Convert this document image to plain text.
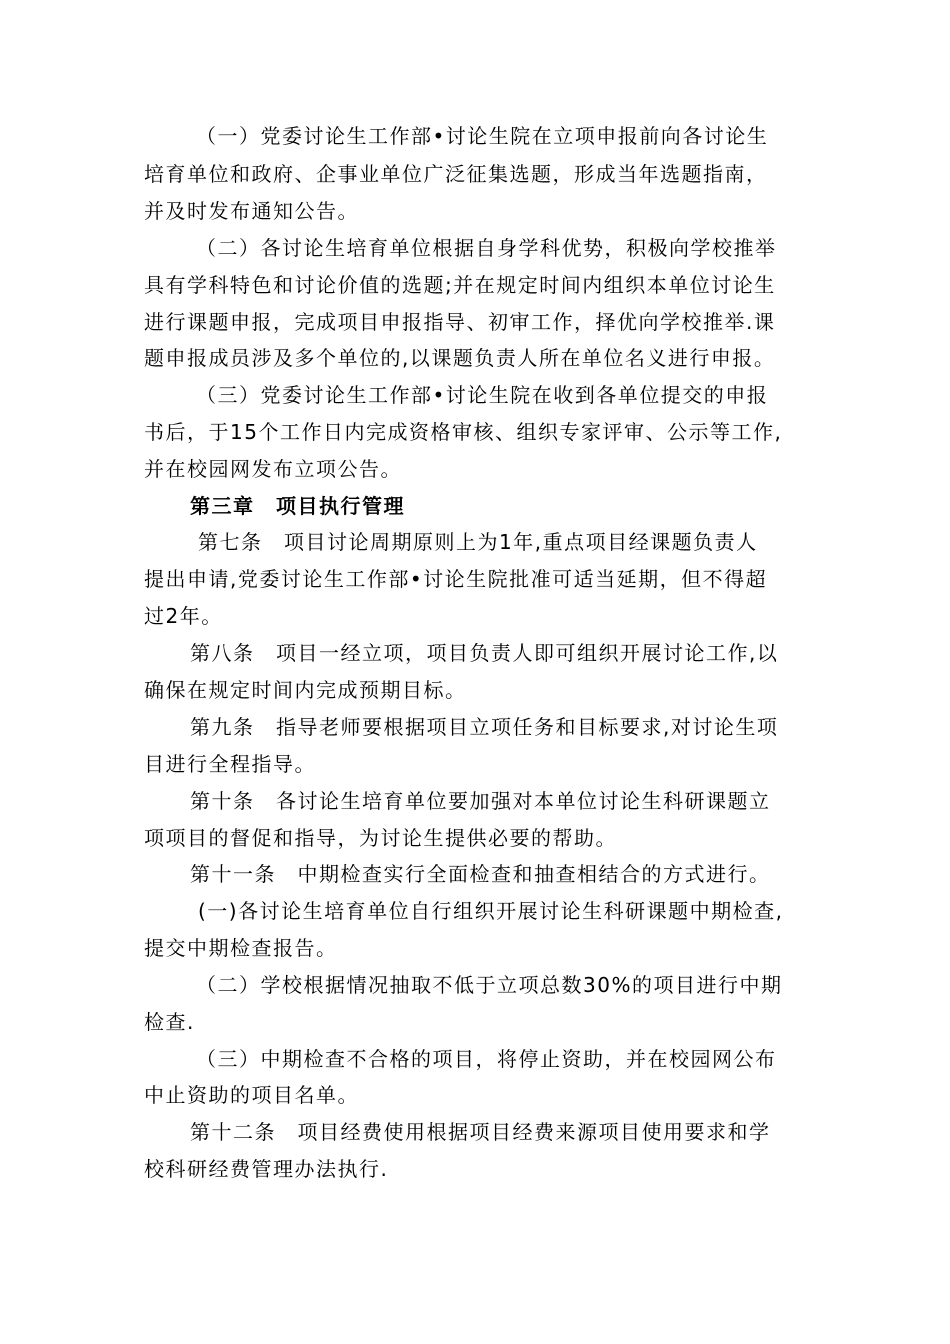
（一）党委讨论生工作部•讨论生院在立项申报前向各讨论生

培育单位和政府、企事业单位广泛征集选题，形成当年选题指南，

并及时发布通知公告。

（二）各讨论生培育单位根据自身学科优势，积极向学校推举

具有学科特色和讨论价值的选题;并在规定时间内组织本单位讨论生

进行课题申报，完成项目申报指导、初审工作，择优向学校推举.课

题申报成员涉及多个单位的,以课题负责人所在单位名义进行申报。

（三）党委讨论生工作部•讨论生院在收到各单位提交的申报

书后，于15个工作日内完成资格审核、组织专家评审、公示等工作,

并在校园网发布立项公告。

第三章　项目执行管理

第七条　项目讨论周期原则上为1年,重点项目经课题负责人

提出申请,党委讨论生工作部•讨论生院批准可适当延期，但不得超

过2年。

第八条　项目一经立项，项目负责人即可组织开展讨论工作,以

确保在规定时间内完成预期目标。

第九条　指导老师要根据项目立项任务和目标要求,对讨论生项

目进行全程指导。

第十条　各讨论生培育单位要加强对本单位讨论生科研课题立

项项目的督促和指导，为讨论生提供必要的帮助。

第十一条　中期检查实行全面检查和抽查相结合的方式进行。

(一)各讨论生培育单位自行组织开展讨论生科研课题中期检查,

提交中期检查报告。

（二）学校根据情况抽取不低于立项总数30%的项目进行中期

检查.

（三）中期检查不合格的项目，将停止资助，并在校园网公布

中止资助的项目名单。

第十二条　项目经费使用根据项目经费来源项目使用要求和学

校科研经费管理办法执行.
